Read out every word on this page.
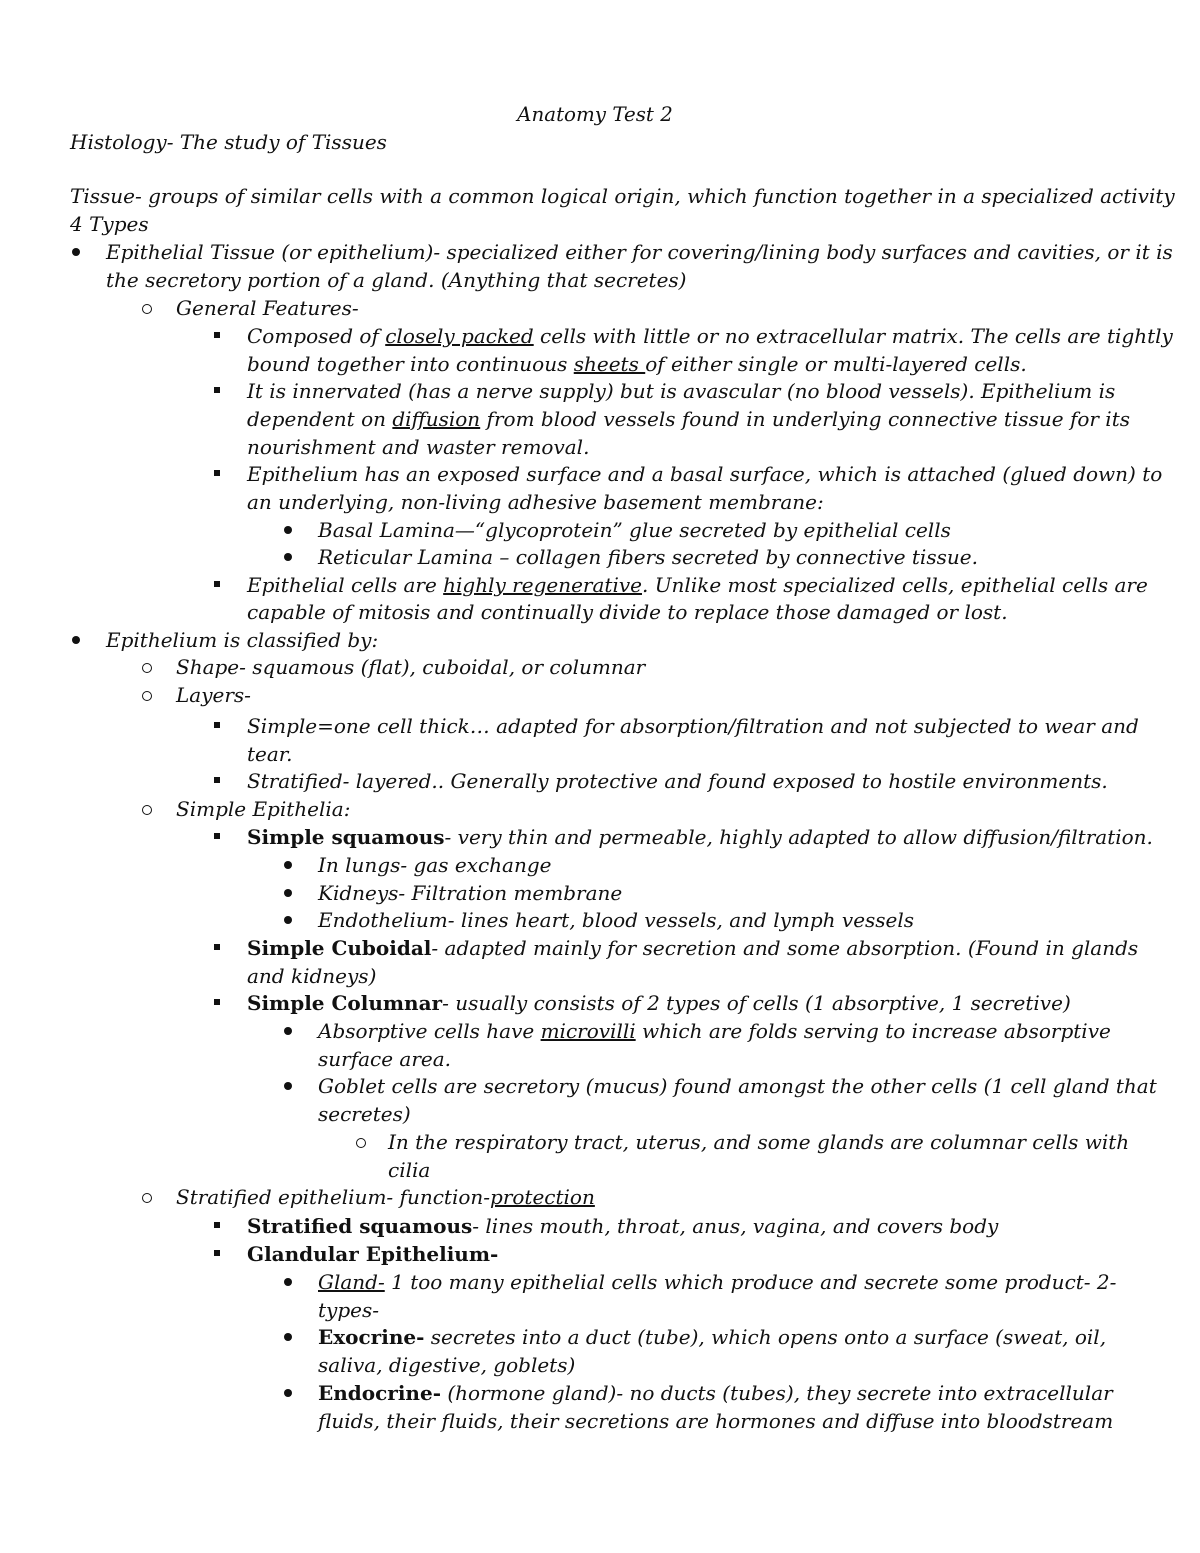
Anatomy Test 2
Histology- The study of Tissues
Tissue- groups of similar cells with a common logical origin, which function together in a specialized activity
4 Types
Epithelial Tissue (or epithelium)- specialized either for covering/lining body surfaces and cavities, or it is
the secretory portion of a gland. (Anything that secretes)
General Features-
Composed of closely packed cells with little or no extracellular matrix. The cells are tightly
bound together into continuous sheets of either single or multi-layered cells.
It is innervated (has a nerve supply) but is avascular (no blood vessels). Epithelium is
dependent on diffusion from blood vessels found in underlying connective tissue for its
nourishment and waster removal.
Epithelium has an exposed surface and a basal surface, which is attached (glued down) to
an underlying, non-living adhesive basement membrane:
Basal Lamina—“glycoprotein” glue secreted by epithelial cells
Reticular Lamina – collagen fibers secreted by connective tissue.
Epithelial cells are highly regenerative. Unlike most specialized cells, epithelial cells are
capable of mitosis and continually divide to replace those damaged or lost.
Epithelium is classified by:
Shape- squamous (flat), cuboidal, or columnar
Layers-
Simple=one cell thick… adapted for absorption/filtration and not subjected to wear and
tear.
Stratified- layered.. Generally protective and found exposed to hostile environments.
Simple Epithelia:
Simple squamous- very thin and permeable, highly adapted to allow diffusion/filtration.
In lungs- gas exchange
Kidneys- Filtration membrane
Endothelium- lines heart, blood vessels, and lymph vessels
Simple Cuboidal- adapted mainly for secretion and some absorption. (Found in glands
and kidneys)
Simple Columnar- usually consists of 2 types of cells (1 absorptive, 1 secretive)
Absorptive cells have microvilli which are folds serving to increase absorptive
surface area.
Goblet cells are secretory (mucus) found amongst the other cells (1 cell gland that
secretes)
In the respiratory tract, uterus, and some glands are columnar cells with
cilia
Stratified epithelium- function-protection
Stratified squamous- lines mouth, throat, anus, vagina, and covers body
Glandular Epithelium-
Gland- 1 too many epithelial cells which produce and secrete some product- 2-
types-
Exocrine- secretes into a duct (tube), which opens onto a surface (sweat, oil,
saliva, digestive, goblets)
Endocrine- (hormone gland)- no ducts (tubes), they secrete into extracellular
fluids, their fluids, their secretions are hormones and diffuse into bloodstream
